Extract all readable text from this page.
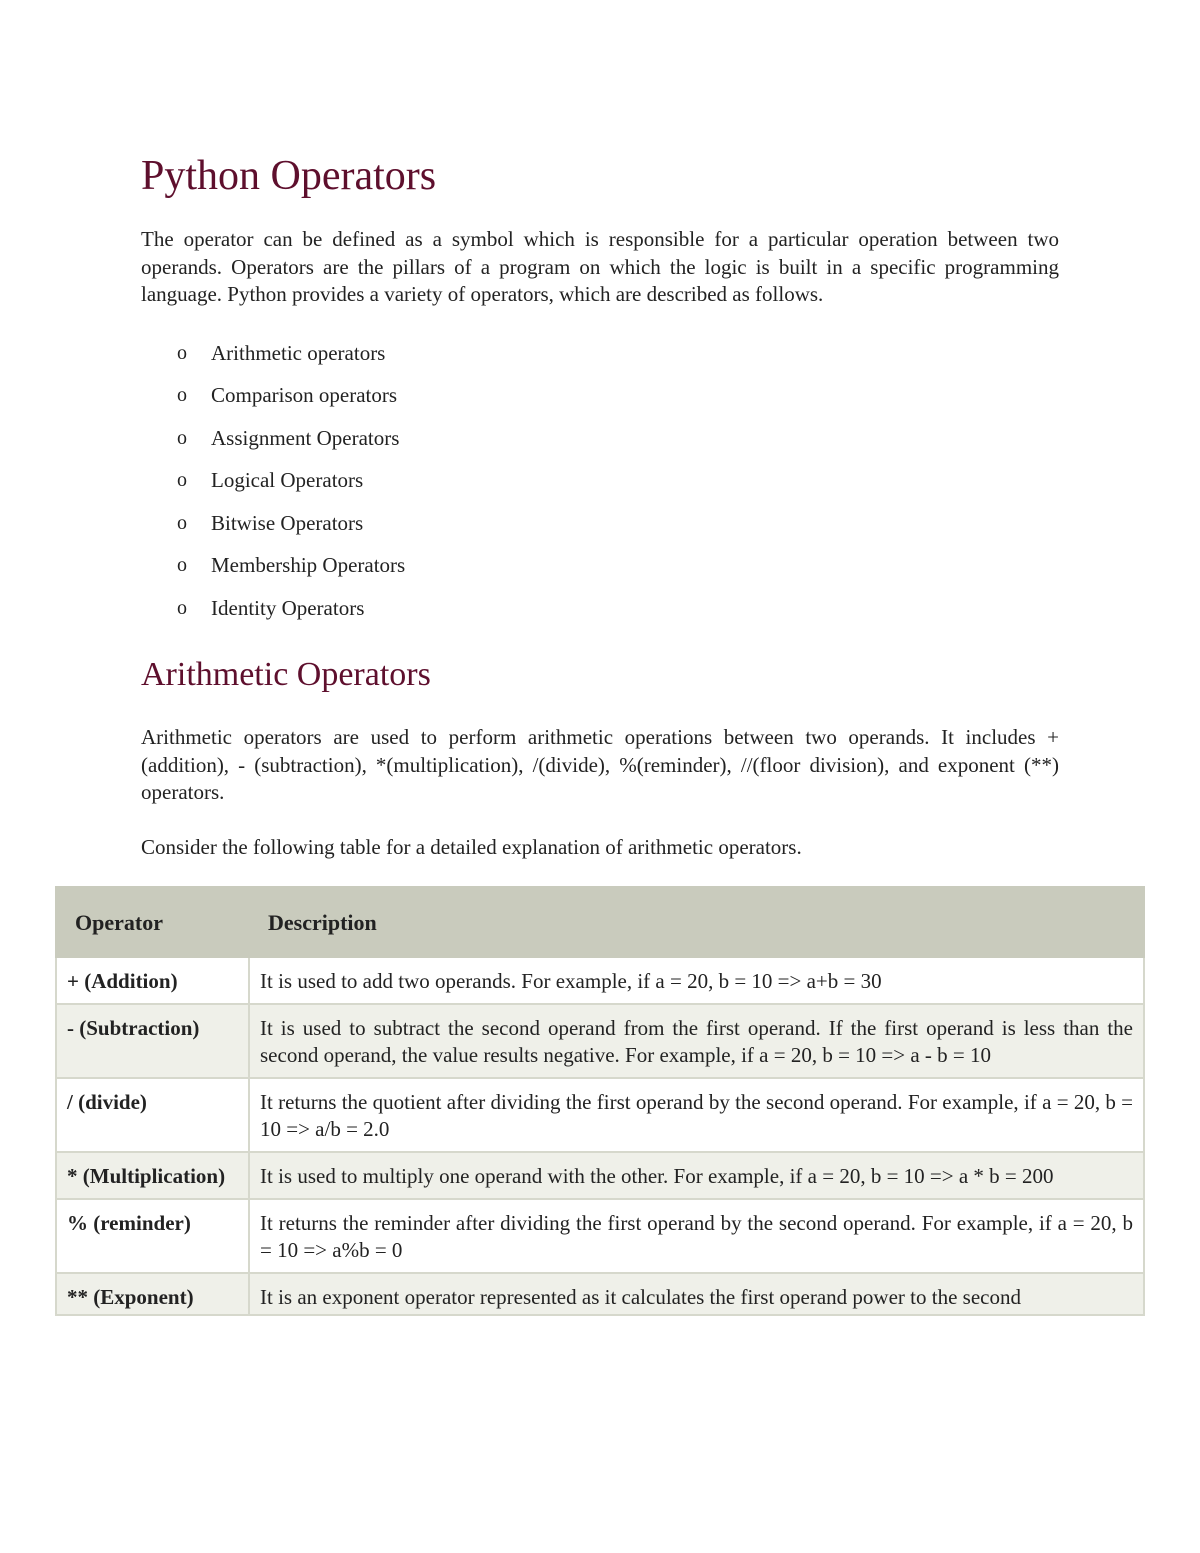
Python Operators

The operator can be defined as a symbol which is responsible for a particular operation between two operands. Operators are the pillars of a program on which the logic is built in a specific programming language. Python provides a variety of operators, which are described as follows.

o Arithmetic operators
o Comparison operators
o Assignment Operators
o Logical Operators
o Bitwise Operators
o Membership Operators
o Identity Operators
Arithmetic Operators

Arithmetic operators are used to perform arithmetic operations between two operands. It includes + (addition), - (subtraction), *(multiplication), /(divide), %(reminder), //(floor division), and exponent (**) operators.

Consider the following table for a detailed explanation of arithmetic operators.

Operator	Description
+ (Addition)	It is used to add two operands. For example, if a = 20, b = 10 => a+b = 30
- (Subtraction)	It is used to subtract the second operand from the first operand. If the first operand is less than the second operand, the value results negative. For example, if a = 20, b = 10 => a - b = 10
/ (divide)	It returns the quotient after dividing the first operand by the second operand. For example, if a = 20, b = 10 => a/b = 2.0
* (Multiplication)	It is used to multiply one operand with the other. For example, if a = 20, b = 10 => a * b = 200
% (reminder)	It returns the reminder after dividing the first operand by the second operand. For example, if a = 20, b = 10 => a%b = 0
** (Exponent)	It is an exponent operator represented as it calculates the first operand power to the second
